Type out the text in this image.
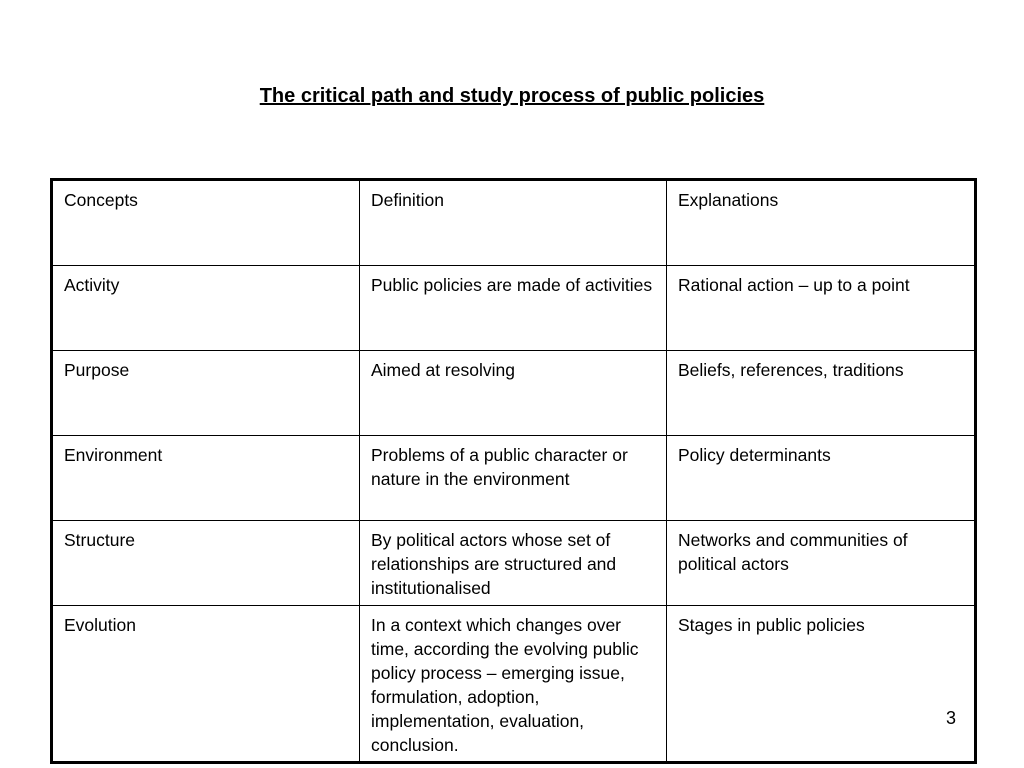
The critical path and study process of public policies
Concepts	Definition	Explanations
Activity	Public policies are made of activities	Rational action – up to a point
Purpose	Aimed at resolving	Beliefs, references, traditions
Environment	Problems of a public character or nature in the environment	Policy determinants
Structure	By political actors whose set of relationships are structured and institutionalised	Networks and communities of political actors
Evolution	In a context which changes over time, according the evolving public policy process – emerging issue, formulation, adoption, implementation, evaluation, conclusion.	Stages in public policies
3
